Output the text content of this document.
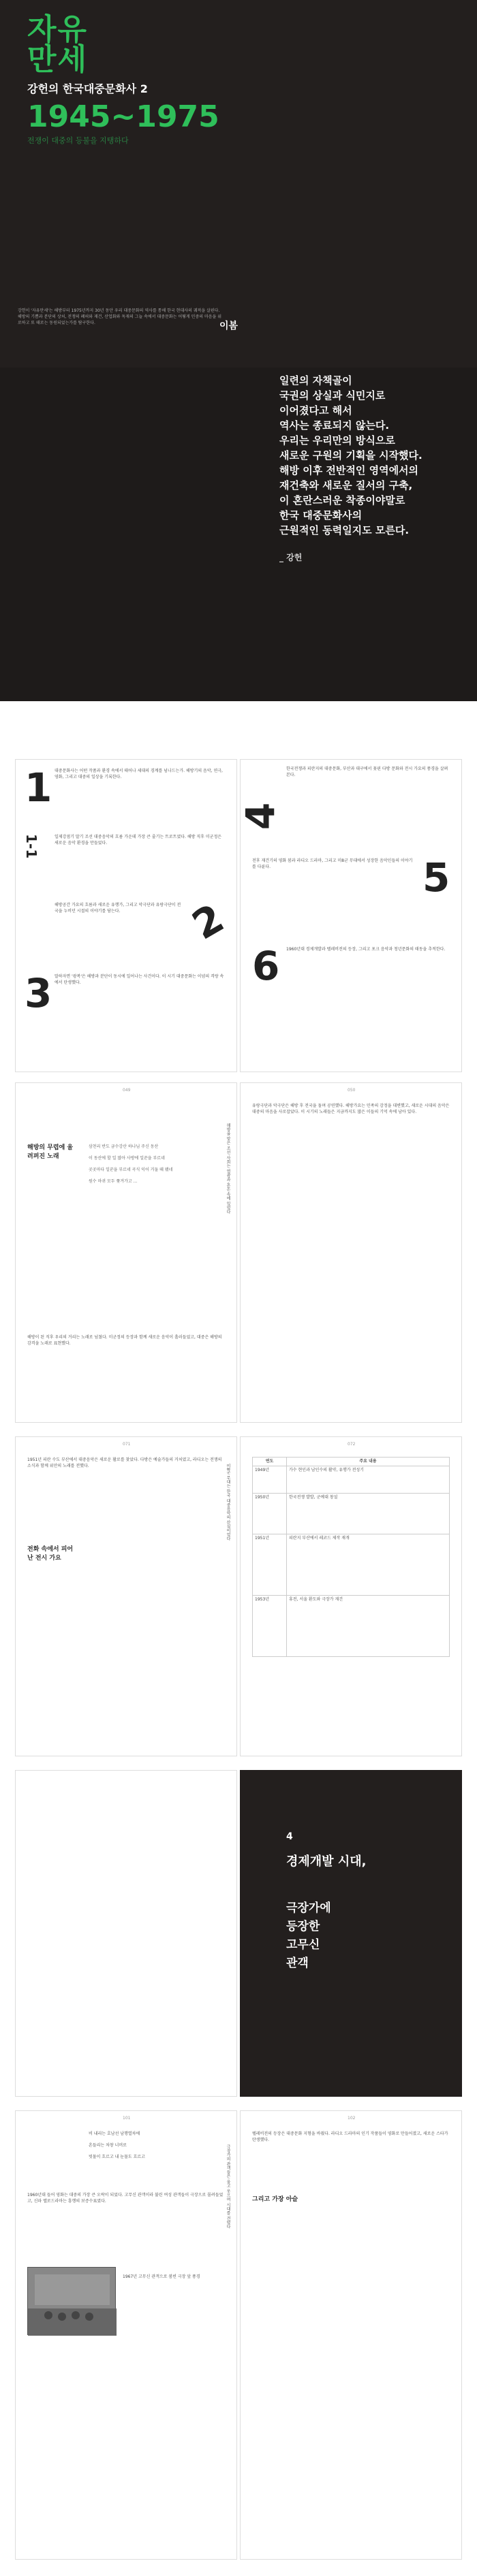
자유만세
강헌의 한국대중문화사 2
1945~1975
전쟁이 대중의 등불을 지탱하다
강헌이 '자유만세'는 해방부터 1975년까지 30년 동안 우리 대중문화의 역사를 통해 한국 현대사의 궤적을 살핀다. 해방의 기쁨과 분단의 상처, 전쟁의 폐허와 재건, 산업화와 독재의 그늘 속에서 대중문화는 어떻게 민중의 마음을 위로하고 또 때로는 동원되었는가를 탐구한다.	이봄
일련의 자책골이
국권의 상실과 식민지로
이어졌다고 해서
역사는 종료되지 않는다.
우리는 우리만의 방식으로
새로운 구원의 기획을 시작했다.
해방 이후 전반적인 영역에서의
재건축와 새로운 질서의 구축,
이 혼란스러운 착종이야말로
한국 대중문화사의
근원적인 동력일지도 모른다.
_ 강헌
1 대중문화사는 어떤 작품과 환경 속에서 태어나 세대의 경계를 넘나드는가. 해방기의 음악, 연극, 영화, 그리고 대중의 일상을 기록한다.
1-1	일제강점기 말기 조선 대중음악의 흐름 가운데 가장 큰 줄기는 트로트였다. 해방 직후 미군정은 새로운 음악 환경을 만들었다.
2
해방공간 가요의 흐름과 새로운 유행가, 그리고 악극단과 유랑극단이 전국을 누비던 시절의 이야기를 담는다.
3 말하자면 '광복'은 해방과 분단이 동시에 일어나는 사건이다. 이 시기 대중문화는 이념의 격랑 속에서 탄생했다.
4
한국전쟁과 피란지의 대중문화, 부산과 대구에서 꽃핀 다방 문화와 전시 가요의 풍경을 살펴본다.
5
전후 재건기의 영화 붐과 라디오 드라마, 그리고 미8군 무대에서 성장한 음악인들의 이야기를 다룬다.
6 1960년대 경제개발과 텔레비전의 등장, 그리고 포크 음악과 청년문화의 태동을 추적한다.
049	050
해방의 무렵에 울려퍼진 노래
삼천리 반도 금수강산 하나님 주신 동산
이 동산에 할 일 많아 사방에 일꾼을 부르네
곳곳마다 일꾼을 부르네 곡식 익어 거둘 때 됐네
원수 마귀 모두 쫓겨가고 ...
해방이 된 직후 우리의 거리는 노래로 넘쳤다. 미군정의 등장과 함께 새로운 음악이 흘러들었고, 대중은 해방의 감격을 노래로 표현했다.
유랑극단과 악극단은 해방 후 전국을 돌며 공연했다. 해방가요는 민족의 감정을 대변했고, 새로운 시대의 음악은 대중의 마음을 사로잡았다. 이 시기의 노래들은 지금까지도 많은 이들의 기억 속에 남아 있다.
해방을 맞은 조선 사회는 열광과 혼돈 속에 있었다
071	072
1951년 피란 수도 부산에서 대중음악은 새로운 활로를 찾았다. 다방은 예술가들의 거처였고, 라디오는 전쟁의 소식과 함께 위안의 노래를 전했다.
전화 속에서 피어난 전시 가요
미8군 무대는 한국 대중음악의 산실이었다
연도	주요 내용
1949년	가수 현인과 남인수의 활약, 유행가 전성기
1950년	한국전쟁 발발, 군예대 창설
1951년	피란지 부산에서 레코드 제작 재개
1953년	휴전, 서울 환도와 극장가 재건
4
경제개발 시대,
극장가에
등장한
고무신
관객
101	102
비 내리는 호남선 남행열차에
흔들리는 차창 너머로
빗물이 흐르고 내 눈물도 흐르고
1960년대 들어 영화는 대중의 가장 큰 오락이 되었다. 고무신 관객이라 불린 여성 관객들이 극장으로 몰려들었고, 신파 멜로드라마는 흥행의 보증수표였다.
1967년 고무신 관객으로 붐빈 극장 앞 풍경
극장가의 관객들은 울고 웃으며 시대를 견뎠다
텔레비전의 등장은 대중문화 지형을 바꿨다. 라디오 드라마의 인기 작품들이 영화로 만들어졌고, 새로운 스타가 탄생했다.
그리고 가장 아슬
